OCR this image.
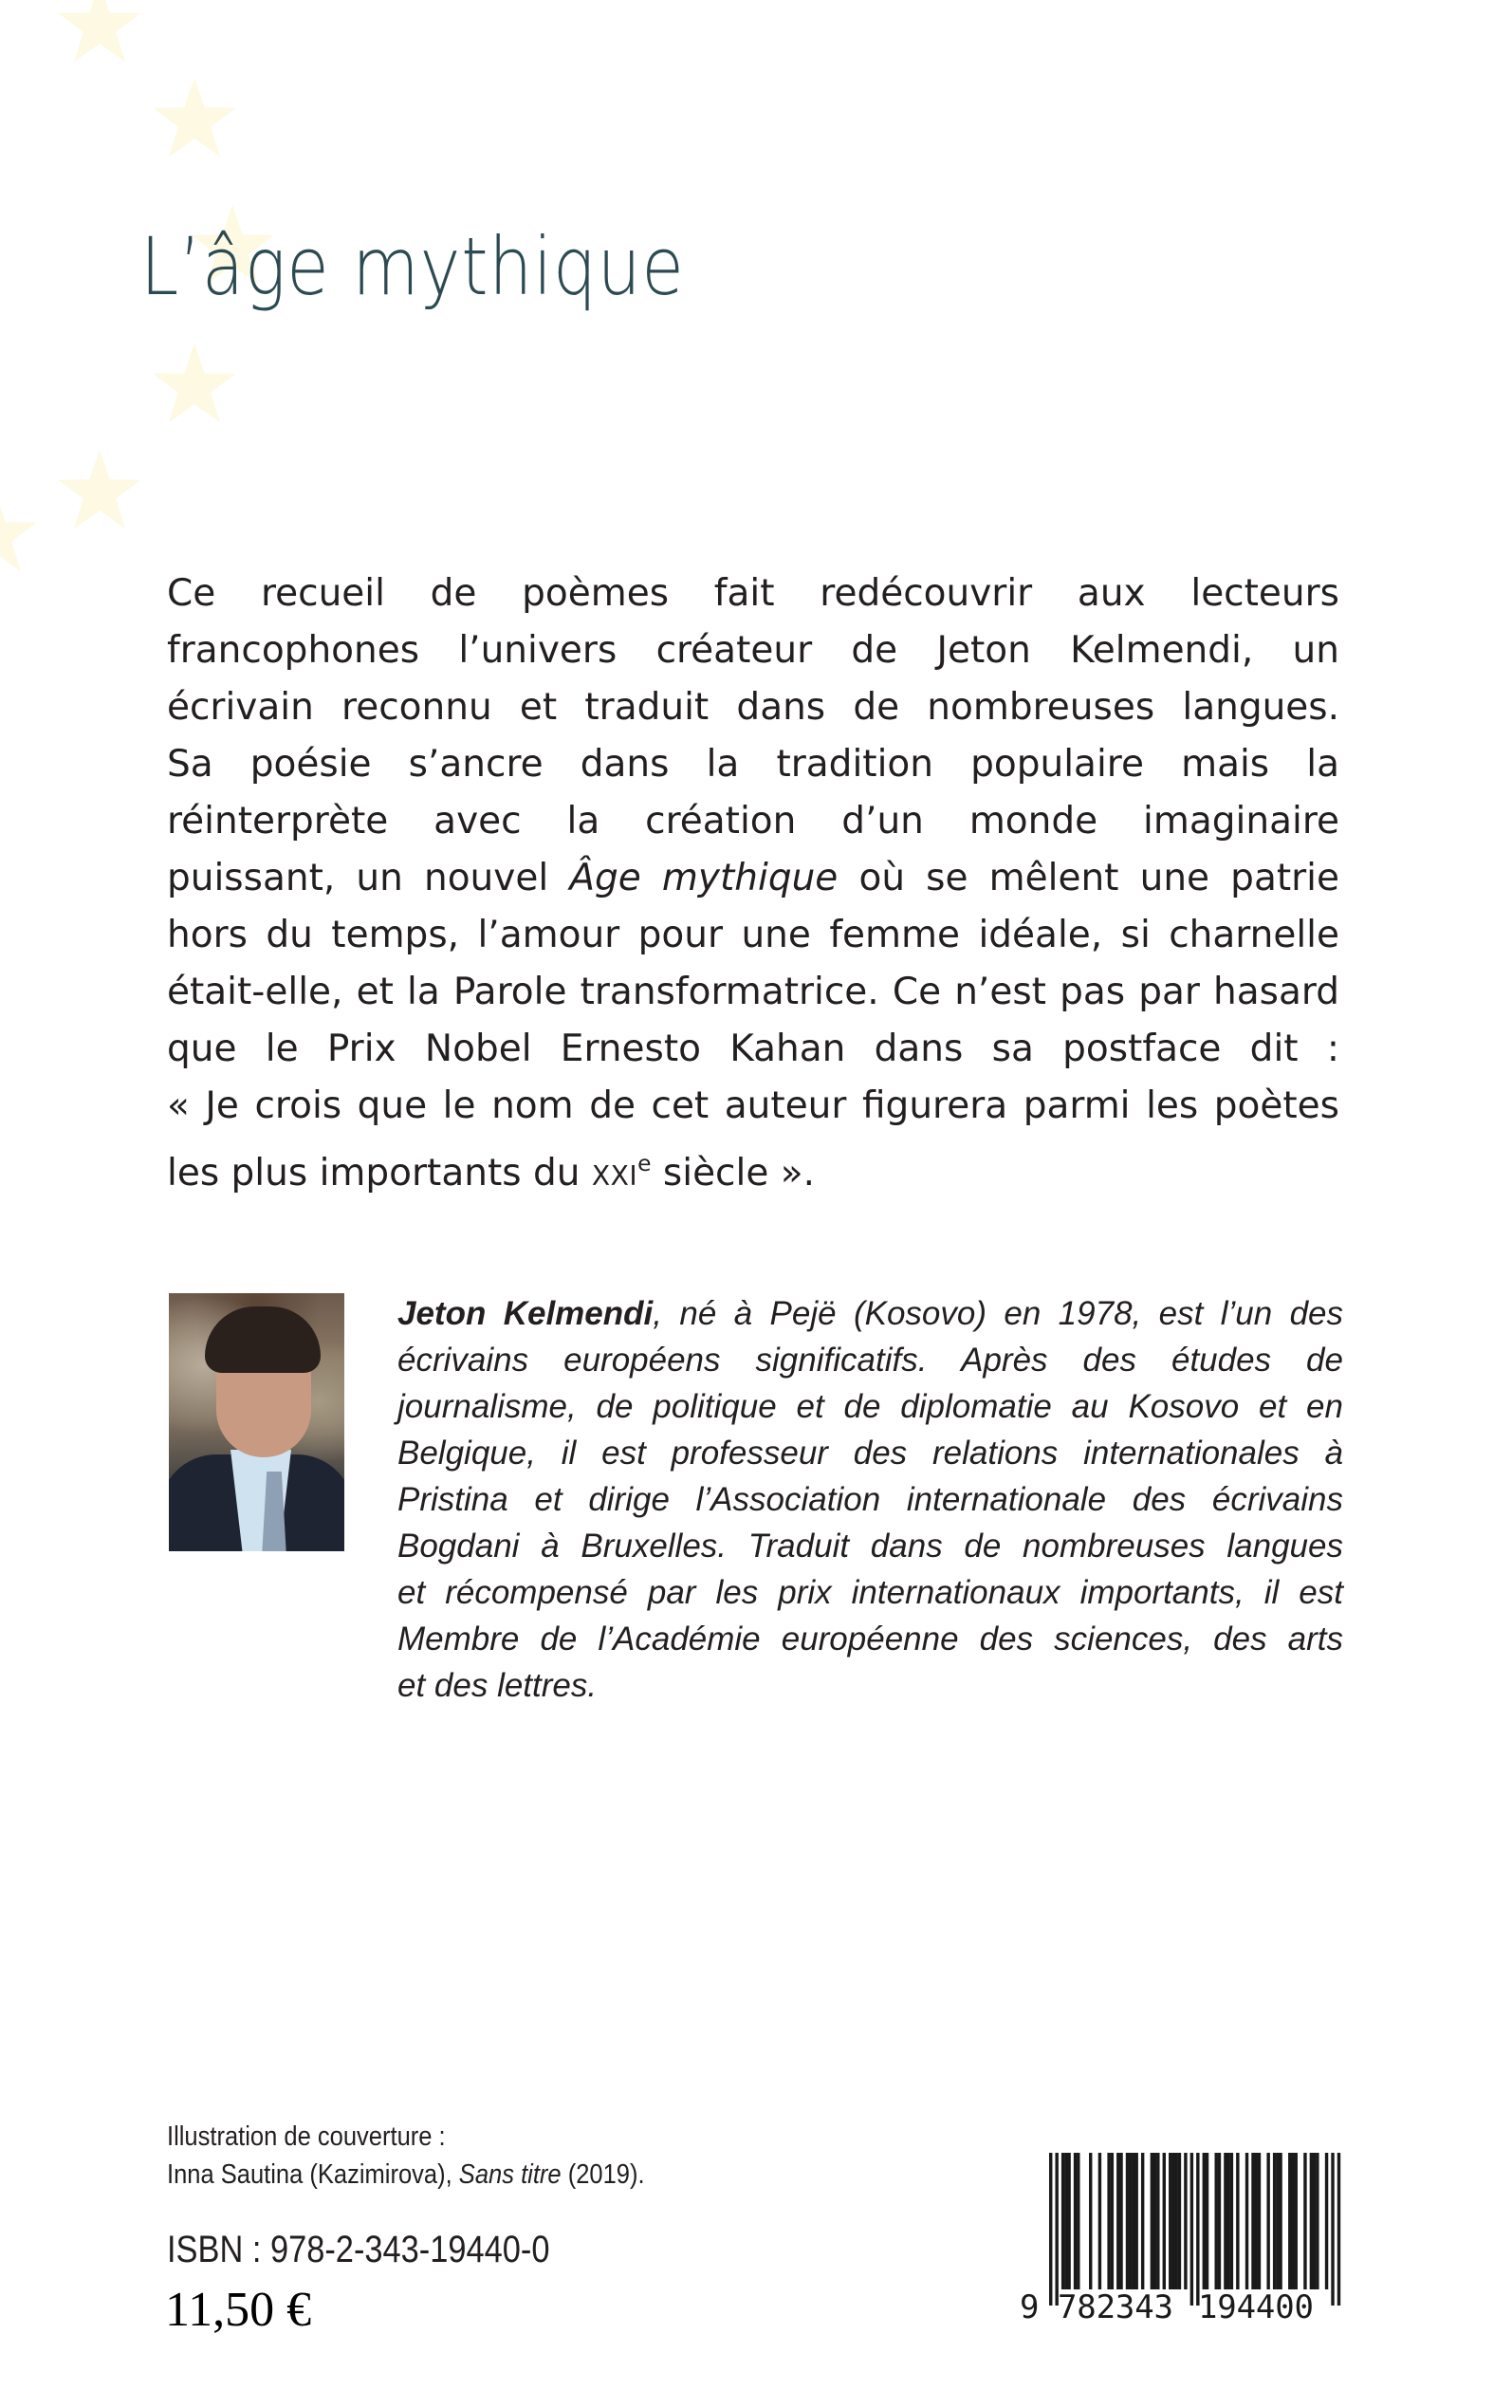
L’âge mythique
Ce recueil de poèmes fait redécouvrir aux lecteurs
francophones l’univers créateur de Jeton Kelmendi, un
écrivain reconnu et traduit dans de nombreuses langues.
Sa poésie s’ancre dans la tradition populaire mais la
réinterprète avec la création d’un monde imaginaire
puissant, un nouvel Âge mythique où se mêlent une patrie
hors du temps, l’amour pour une femme idéale, si charnelle
était-elle, et la Parole transformatrice. Ce n’est pas par hasard
que le Prix Nobel Ernesto Kahan dans sa postface dit :
« Je crois que le nom de cet auteur figurera parmi les poètes
les plus importants du XXIe siècle ».
Jeton Kelmendi, né à Pejë (Kosovo) en 1978, est l’un des
écrivains européens significatifs. Après des études de
journalisme, de politique et de diplomatie au Kosovo et en
Belgique, il est professeur des relations internationales à
Pristina et dirige l’Association internationale des écrivains
Bogdani à Bruxelles. Traduit dans de nombreuses langues
et récompensé par les prix internationaux importants, il est
Membre de l’Académie européenne des sciences, des arts
et des lettres.
Illustration de couverture :
Inna Sautina (Kazimirova), Sans titre (2019).
ISBN : 978-2-343-19440-0
11,50 €	9 782343 194400
